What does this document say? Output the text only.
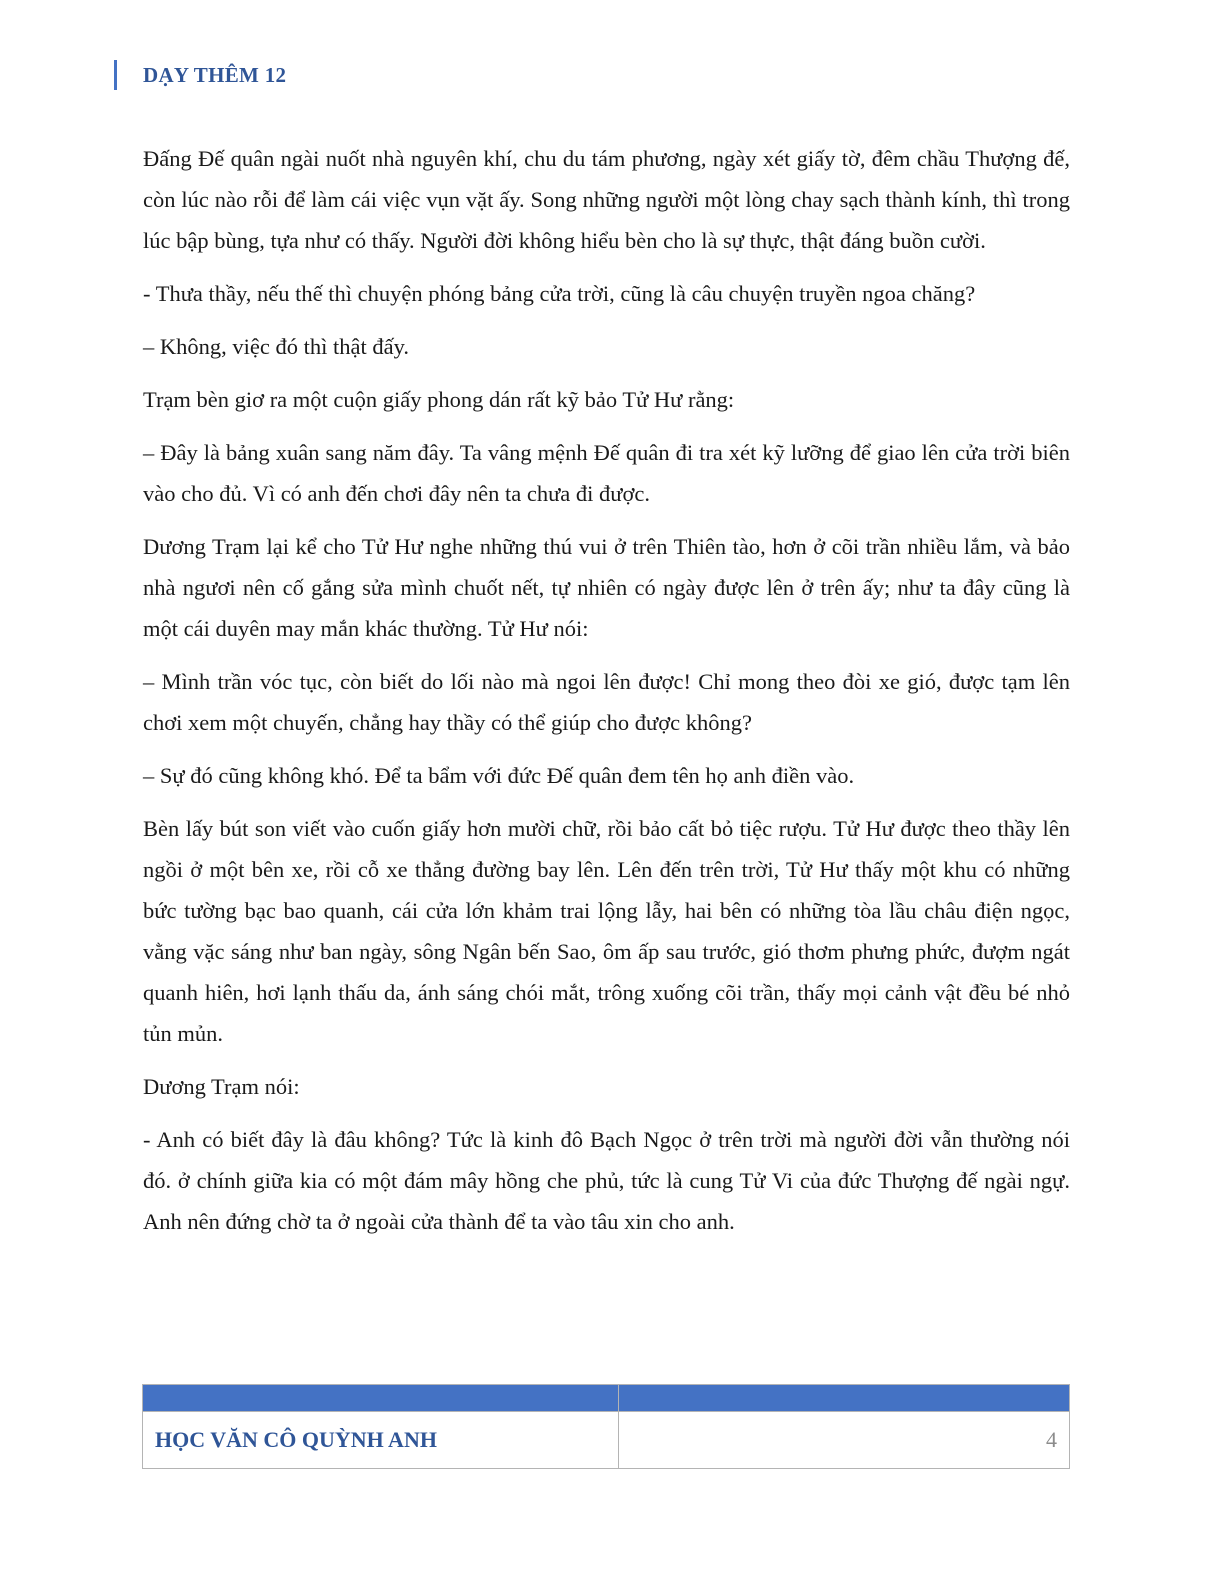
DẠY THÊM 12

Đấng Đế quân ngài nuốt nhà nguyên khí, chu du tám phương, ngày xét giấy tờ, đêm chầu Thượng đế, còn lúc nào rỗi để làm cái việc vụn vặt ấy. Song những người một lòng chay sạch thành kính, thì trong lúc bập bùng, tựa như có thấy. Người đời không hiểu bèn cho là sự thực, thật đáng buồn cười.

- Thưa thầy, nếu thế thì chuyện phóng bảng cửa trời, cũng là câu chuyện truyền ngoa chăng?

– Không, việc đó thì thật đấy.

Trạm bèn giơ ra một cuộn giấy phong dán rất kỹ bảo Tử Hư rằng:

– Đây là bảng xuân sang năm đây. Ta vâng mệnh Đế quân đi tra xét kỹ lưỡng để giao lên cửa trời biên vào cho đủ. Vì có anh đến chơi đây nên ta chưa đi được.

Dương Trạm lại kể cho Tử Hư nghe những thú vui ở trên Thiên tào, hơn ở cõi trần nhiều lắm, và bảo nhà ngươi nên cố gắng sửa mình chuốt nết, tự nhiên có ngày được lên ở trên ấy; như ta đây cũng là một cái duyên may mắn khác thường. Tử Hư nói:

– Mình trần vóc tục, còn biết do lối nào mà ngoi lên được! Chỉ mong theo đòi xe gió, được tạm lên chơi xem một chuyến, chẳng hay thầy có thể giúp cho được không?

– Sự đó cũng không khó. Để ta bẩm với đức Đế quân đem tên họ anh điền vào.

Bèn lấy bút son viết vào cuốn giấy hơn mười chữ, rồi bảo cất bỏ tiệc rượu. Tử Hư được theo thầy lên ngồi ở một bên xe, rồi cỗ xe thẳng đường bay lên. Lên đến trên trời, Tử Hư thấy một khu có những bức tường bạc bao quanh, cái cửa lớn khảm trai lộng lẫy, hai bên có những tòa lầu châu điện ngọc, vằng vặc sáng như ban ngày, sông Ngân bến Sao, ôm ấp sau trước, gió thơm phưng phức, đượm ngát quanh hiên, hơi lạnh thấu da, ánh sáng chói mắt, trông xuống cõi trần, thấy mọi cảnh vật đều bé nhỏ tủn mủn.

Dương Trạm nói:

- Anh có biết đây là đâu không? Tức là kinh đô Bạch Ngọc ở trên trời mà người đời vẫn thường nói đó. ở chính giữa kia có một đám mây hồng che phủ, tức là cung Tử Vi của đức Thượng đế ngài ngự. Anh nên đứng chờ ta ở ngoài cửa thành để ta vào tâu xin cho anh.

HỌC VĂN CÔ QUỲNH ANH	4
